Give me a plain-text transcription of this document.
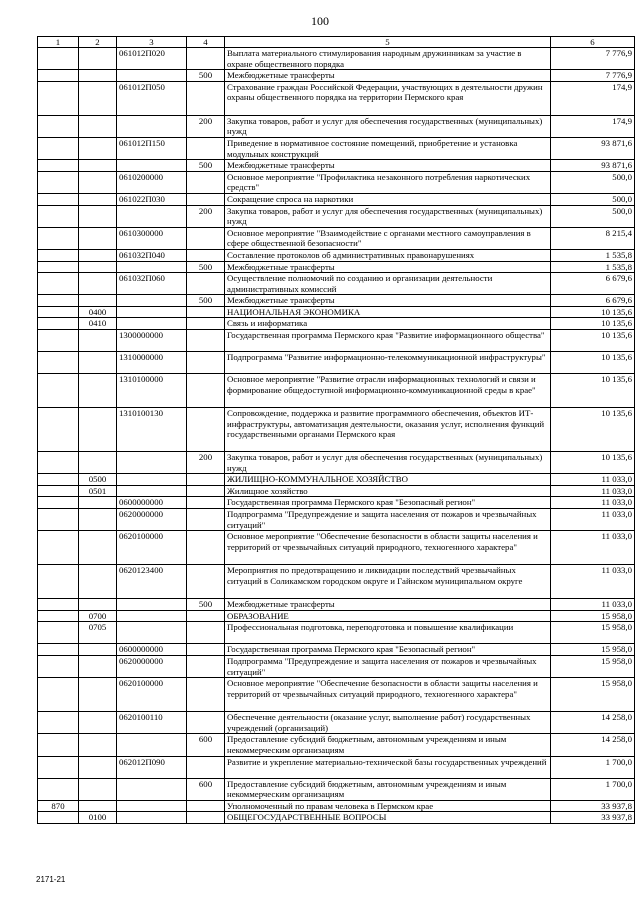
100
1	2	3	4	5	6
		061012П020		Выплата материального стимулирования народным дружинникам за участие в охране общественного порядка	7 776,9
			500	Межбюджетные трансферты	7 776,9
		061012П050		Страхование граждан Российской Федерации, участвующих в деятельности дружин охраны общественного порядка на территории Пермского края	174,9
			200	Закупка товаров, работ и услуг для обеспечения государственных (муниципальных) нужд	174,9
		061012П150		Приведение в нормативное состояние помещений, приобретение и установка модульных конструкций	93 871,6
			500	Межбюджетные трансферты	93 871,6
		0610200000		Основное мероприятие "Профилактика незаконного потребления наркотических средств"	500,0
		061022П030		Сокращение спроса на наркотики	500,0
			200	Закупка товаров, работ и услуг для обеспечения государственных (муниципальных) нужд	500,0
		0610300000		Основное мероприятие "Взаимодействие с органами местного самоуправления в сфере общественной безопасности"	8 215,4
		061032П040		Составление протоколов об административных правонарушениях	1 535,8
			500	Межбюджетные трансферты	1 535,8
		061032П060		Осуществление полномочий по созданию и организации деятельности административных комиссий	6 679,6
			500	Межбюджетные трансферты	6 679,6
	0400			НАЦИОНАЛЬНАЯ ЭКОНОМИКА	10 135,6
	0410			Связь и информатика	10 135,6
		1300000000		Государственная программа Пермского края "Развитие информационного общества"	10 135,6
		1310000000		Подпрограмма "Развитие информационно-телекоммуникационной инфраструктуры"	10 135,6
		1310100000		Основное мероприятие "Развитие отрасли информационных технологий и связи и формирование общедоступной информационно-коммуникационной среды в крае"	10 135,6
		1310100130		Сопровождение, поддержка и развитие программного обеспечения, объектов ИТ-инфраструктуры, автоматизация деятельности, оказания услуг, исполнения функций государственными органами Пермского края	10 135,6
			200	Закупка товаров, работ и услуг для обеспечения государственных (муниципальных) нужд	10 135,6
	0500			ЖИЛИЩНО-КОММУНАЛЬНОЕ ХОЗЯЙСТВО	11 033,0
	0501			Жилищное хозяйство	11 033,0
		0600000000		Государственная программа Пермского края "Безопасный регион"	11 033,0
		0620000000		Подпрограмма "Предупреждение и защита населения от пожаров и чрезвычайных ситуаций"	11 033,0
		0620100000		Основное мероприятие "Обеспечение безопасности в области защиты населения и территорий от чрезвычайных ситуаций природного, техногенного характера"	11 033,0
		0620123400		Мероприятия по предотвращению и ликвидации последствий чрезвычайных ситуаций в Соликамском городском округе и Гайнском муниципальном округе	11 033,0
			500	Межбюджетные трансферты	11 033,0
	0700			ОБРАЗОВАНИЕ	15 958,0
	0705			Профессиональная подготовка, переподготовка и повышение квалификации	15 958,0
		0600000000		Государственная программа Пермского края "Безопасный регион"	15 958,0
		0620000000		Подпрограмма "Предупреждение и защита населения от пожаров и чрезвычайных ситуаций"	15 958,0
		0620100000		Основное мероприятие "Обеспечение безопасности в области защиты населения и территорий от чрезвычайных ситуаций природного, техногенного характера"	15 958,0
		0620100110		Обеспечение деятельности (оказание услуг, выполнение работ) государственных учреждений (организаций)	14 258,0
			600	Предоставление субсидий бюджетным, автономным учреждениям и иным некоммерческим организациям	14 258,0
		062012П090		Развитие и укрепление материально-технической базы государственных учреждений	1 700,0
			600	Предоставление субсидий бюджетным, автономным учреждениям и иным некоммерческим организациям	1 700,0
870				Уполномоченный по правам человека в Пермском крае	33 937,8
	0100			ОБЩЕГОСУДАРСТВЕННЫЕ ВОПРОСЫ	33 937,8
2171-21
